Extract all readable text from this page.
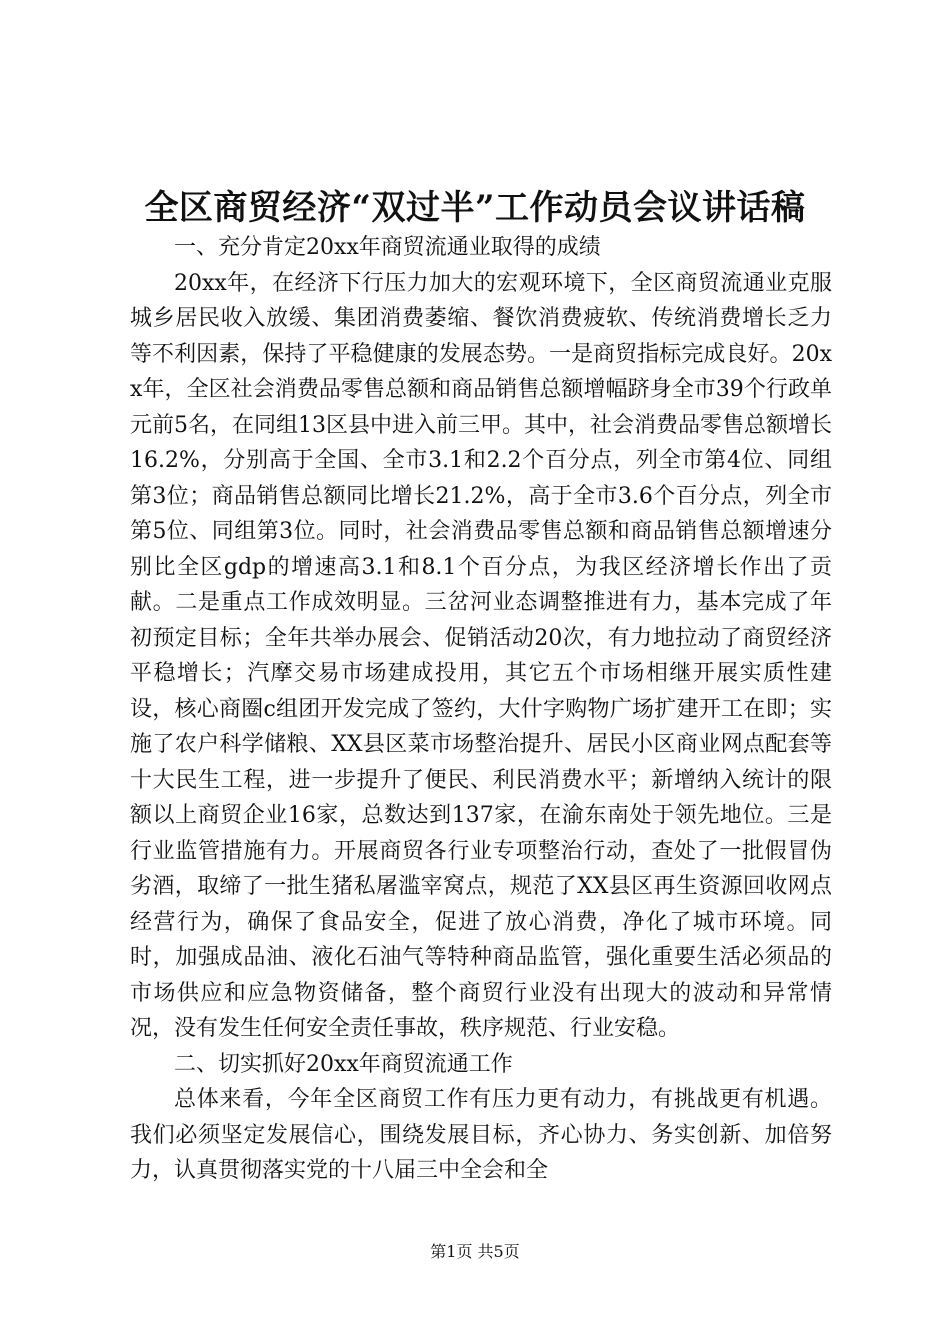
全区商贸经济“双过半”工作动员会议讲话稿

一、充分肯定20xx年商贸流通业取得的成绩

20xx年，在经济下行压力加大的宏观环境下，全区商贸流通业克服城乡居民收入放缓、集团消费萎缩、餐饮消费疲软、传统消费增长乏力等不利因素，保持了平稳健康的发展态势。一是商贸指标完成良好。20xx年，全区社会消费品零售总额和商品销售总额增幅跻身全市39个行政单元前5名，在同组13区县中进入前三甲。其中，社会消费品零售总额增长16.2%，分别高于全国、全市3.1和2.2个百分点，列全市第4位、同组第3位；商品销售总额同比增长21.2%，高于全市3.6个百分点，列全市第5位、同组第3位。同时，社会消费品零售总额和商品销售总额增速分别比全区gdp的增速高3.1和8.1个百分点，为我区经济增长作出了贡献。二是重点工作成效明显。三岔河业态调整推进有力，基本完成了年初预定目标；全年共举办展会、促销活动20次，有力地拉动了商贸经济平稳增长；汽摩交易市场建成投用，其它五个市场相继开展实质性建设，核心商圈c组团开发完成了签约，大什字购物广场扩建开工在即；实施了农户科学储粮、XX县区菜市场整治提升、居民小区商业网点配套等十大民生工程，进一步提升了便民、利民消费水平；新增纳入统计的限额以上商贸企业16家，总数达到137家，在渝东南处于领先地位。三是行业监管措施有力。开展商贸各行业专项整治行动，查处了一批假冒伪劣酒，取缔了一批生猪私屠滥宰窝点，规范了XX县区再生资源回收网点经营行为，确保了食品安全，促进了放心消费，净化了城市环境。同时，加强成品油、液化石油气等特种商品监管，强化重要生活必须品的市场供应和应急物资储备，整个商贸行业没有出现大的波动和异常情况，没有发生任何安全责任事故，秩序规范、行业安稳。

二、切实抓好20xx年商贸流通工作

总体来看，今年全区商贸工作有压力更有动力，有挑战更有机遇。我们必须坚定发展信心，围绕发展目标，齐心协力、务实创新、加倍努力，认真贯彻落实党的十八届三中全会和全

第1页 共5页
